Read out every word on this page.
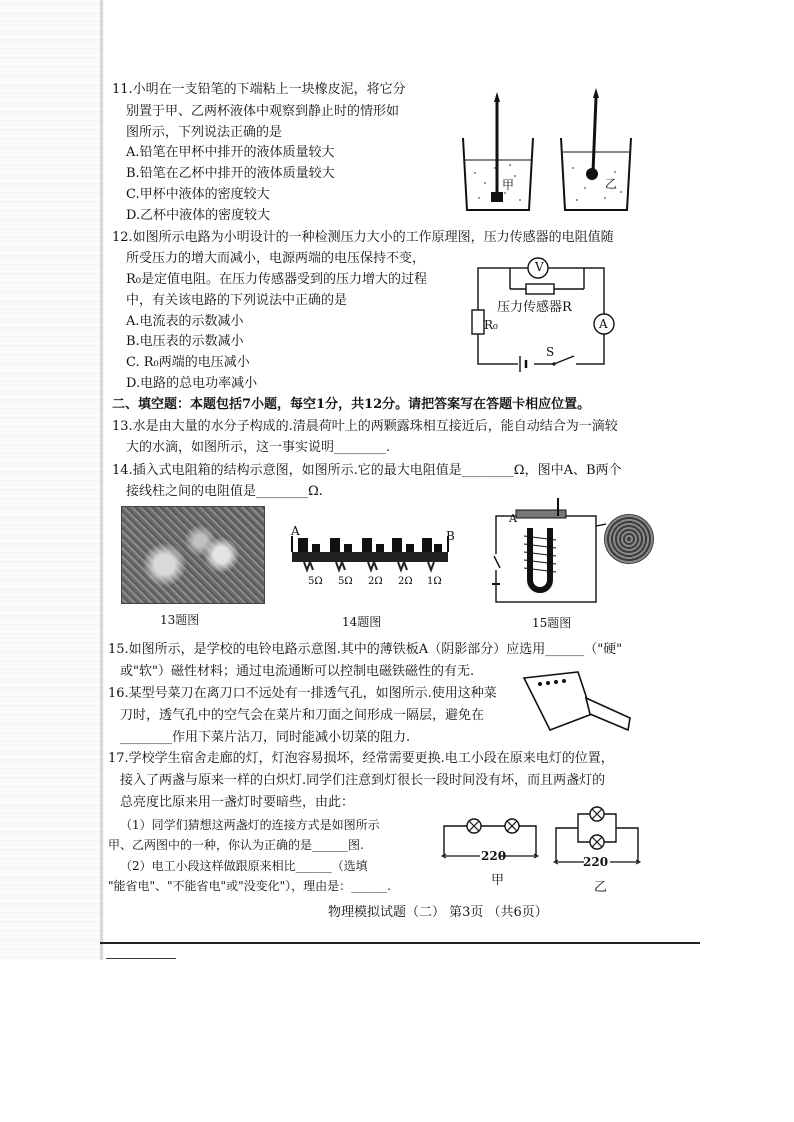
11.小明在一支铅笔的下端粘上一块橡皮泥，将它分
别置于甲、乙两杯液体中观察到静止时的情形如
图所示，下列说法正确的是
A.铅笔在甲杯中排开的液体质量较大
B.铅笔在乙杯中排开的液体质量较大
C.甲杯中液体的密度较大
D.乙杯中液体的密度较大
甲	乙
12.如图所示电路为小明设计的一种检测压力大小的工作原理图，压力传感器的电阻值随
所受压力的增大而减小，电源两端的电压保持不变，
R₀是定值电阻。在压力传感器受到的压力增大的过程
中，有关该电路的下列说法中正确的是
A.电流表的示数减小
B.电压表的示数减小
C. R₀两端的电压减小
D.电路的总电功率减小
V
A
压力传感器R
R₀
S
二、填空题：本题包括7小题，每空1分，共12分。请把答案写在答题卡相应位置。
13.水是由大量的水分子构成的.清晨荷叶上的两颗露珠相互接近后，能自动结合为一滴较
大的水滴，如图所示，这一事实说明________.
14.插入式电阻箱的结构示意图，如图所示.它的最大电阻值是________Ω，图中A、B两个
接线柱之间的电阻值是________Ω.
A	B
5Ω 5Ω 2Ω 2Ω 1Ω
A
13题图	14题图	15题图
15.如图所示，是学校的电铃电路示意图.其中的薄铁板A（阴影部分）应选用______（"硬"
或"软"）磁性材料；通过电流通断可以控制电磁铁磁性的有无.
16.某型号菜刀在离刀口不远处有一排透气孔，如图所示.使用这种菜
刀时，透气孔中的空气会在菜片和刀面之间形成一隔层，避免在
________作用下菜片沾刀，同时能减小切菜的阻力.
17.学校学生宿舍走廊的灯，灯泡容易损坏，经常需要更换.电工小段在原来电灯的位置，
接入了两盏与原来一样的白炽灯.同学们注意到灯很长一段时间没有坏，而且两盏灯的
总亮度比原来用一盏灯时要暗些，由此：
（1）同学们猜想这两盏灯的连接方式是如图所示
甲、乙两图中的一种，你认为正确的是______图.
（2）电工小段这样做跟原来相比______（选填
"能省电"、"不能省电"或"没变化"），理由是：______.
220
甲
220
乙
物理模拟试题（二） 第3页 （共6页）
